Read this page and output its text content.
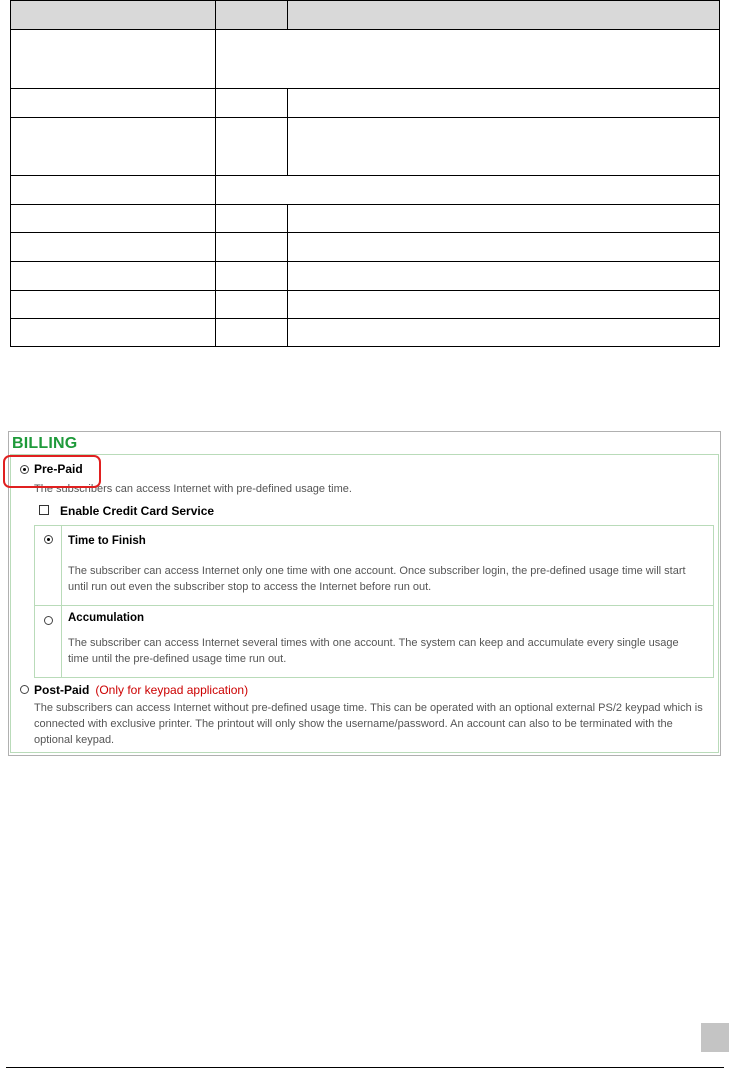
BILLING
Pre-Paid
The subscribers can access Internet with pre-defined usage time.
Enable Credit Card Service
Time to Finish
The subscriber can access Internet only one time with one account. Once subscriber login, the pre-defined usage time will start until run out even the subscriber stop to access the Internet before run out.
Accumulation
The subscriber can access Internet several times with one account. The system can keep and accumulate every single usage time until the pre-defined usage time run out.
Post-Paid (Only for keypad application)
The subscribers can access Internet without pre-defined usage time. This can be operated with an optional external PS/2 keypad which is connected with exclusive printer. The printout will only show the username/password. An account can also to be terminated with the optional keypad.
